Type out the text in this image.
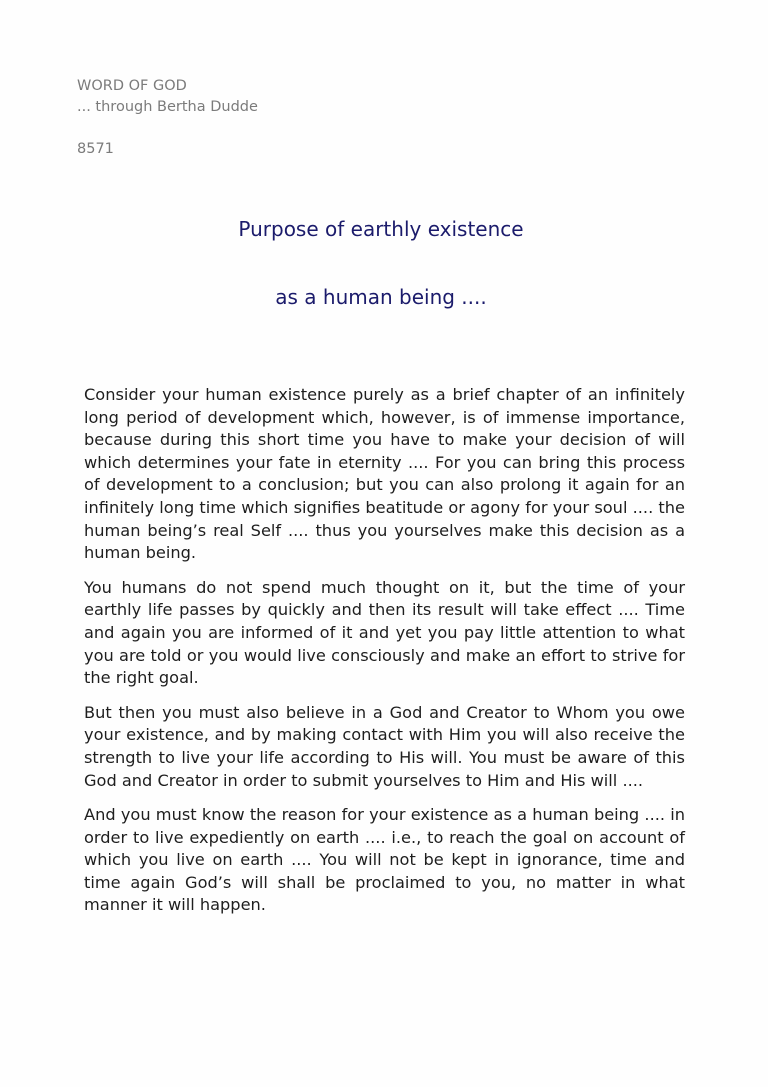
WORD OF GOD
... through Bertha Dudde
8571
Purpose of earthly existence
as a human being ....

Consider your human existence purely as a brief chapter of an infinitely long period of development which, however, is of immense importance, because during this short time you have to make your decision of will which determines your fate in eternity .... For you can bring this process of development to a conclusion; but you can also prolong it again for an infinitely long time which signifies beatitude or agony for your soul .... the human being’s real Self .... thus you yourselves make this decision as a human being.

You humans do not spend much thought on it, but the time of your earthly life passes by quickly and then its result will take effect .... Time and again you are informed of it and yet you pay little attention to what you are told or you would live consciously and make an effort to strive for the right goal.

But then you must also believe in a God and Creator to Whom you owe your existence, and by making contact with Him you will also receive the strength to live your life according to His will. You must be aware of this God and Creator in order to submit yourselves to Him and His will ....

And you must know the reason for your existence as a human being .... in order to live expediently on earth .... i.e., to reach the goal on account of which you live on earth .... You will not be kept in ignorance, time and time again God’s will shall be proclaimed to you, no matter in what manner it will happen.
